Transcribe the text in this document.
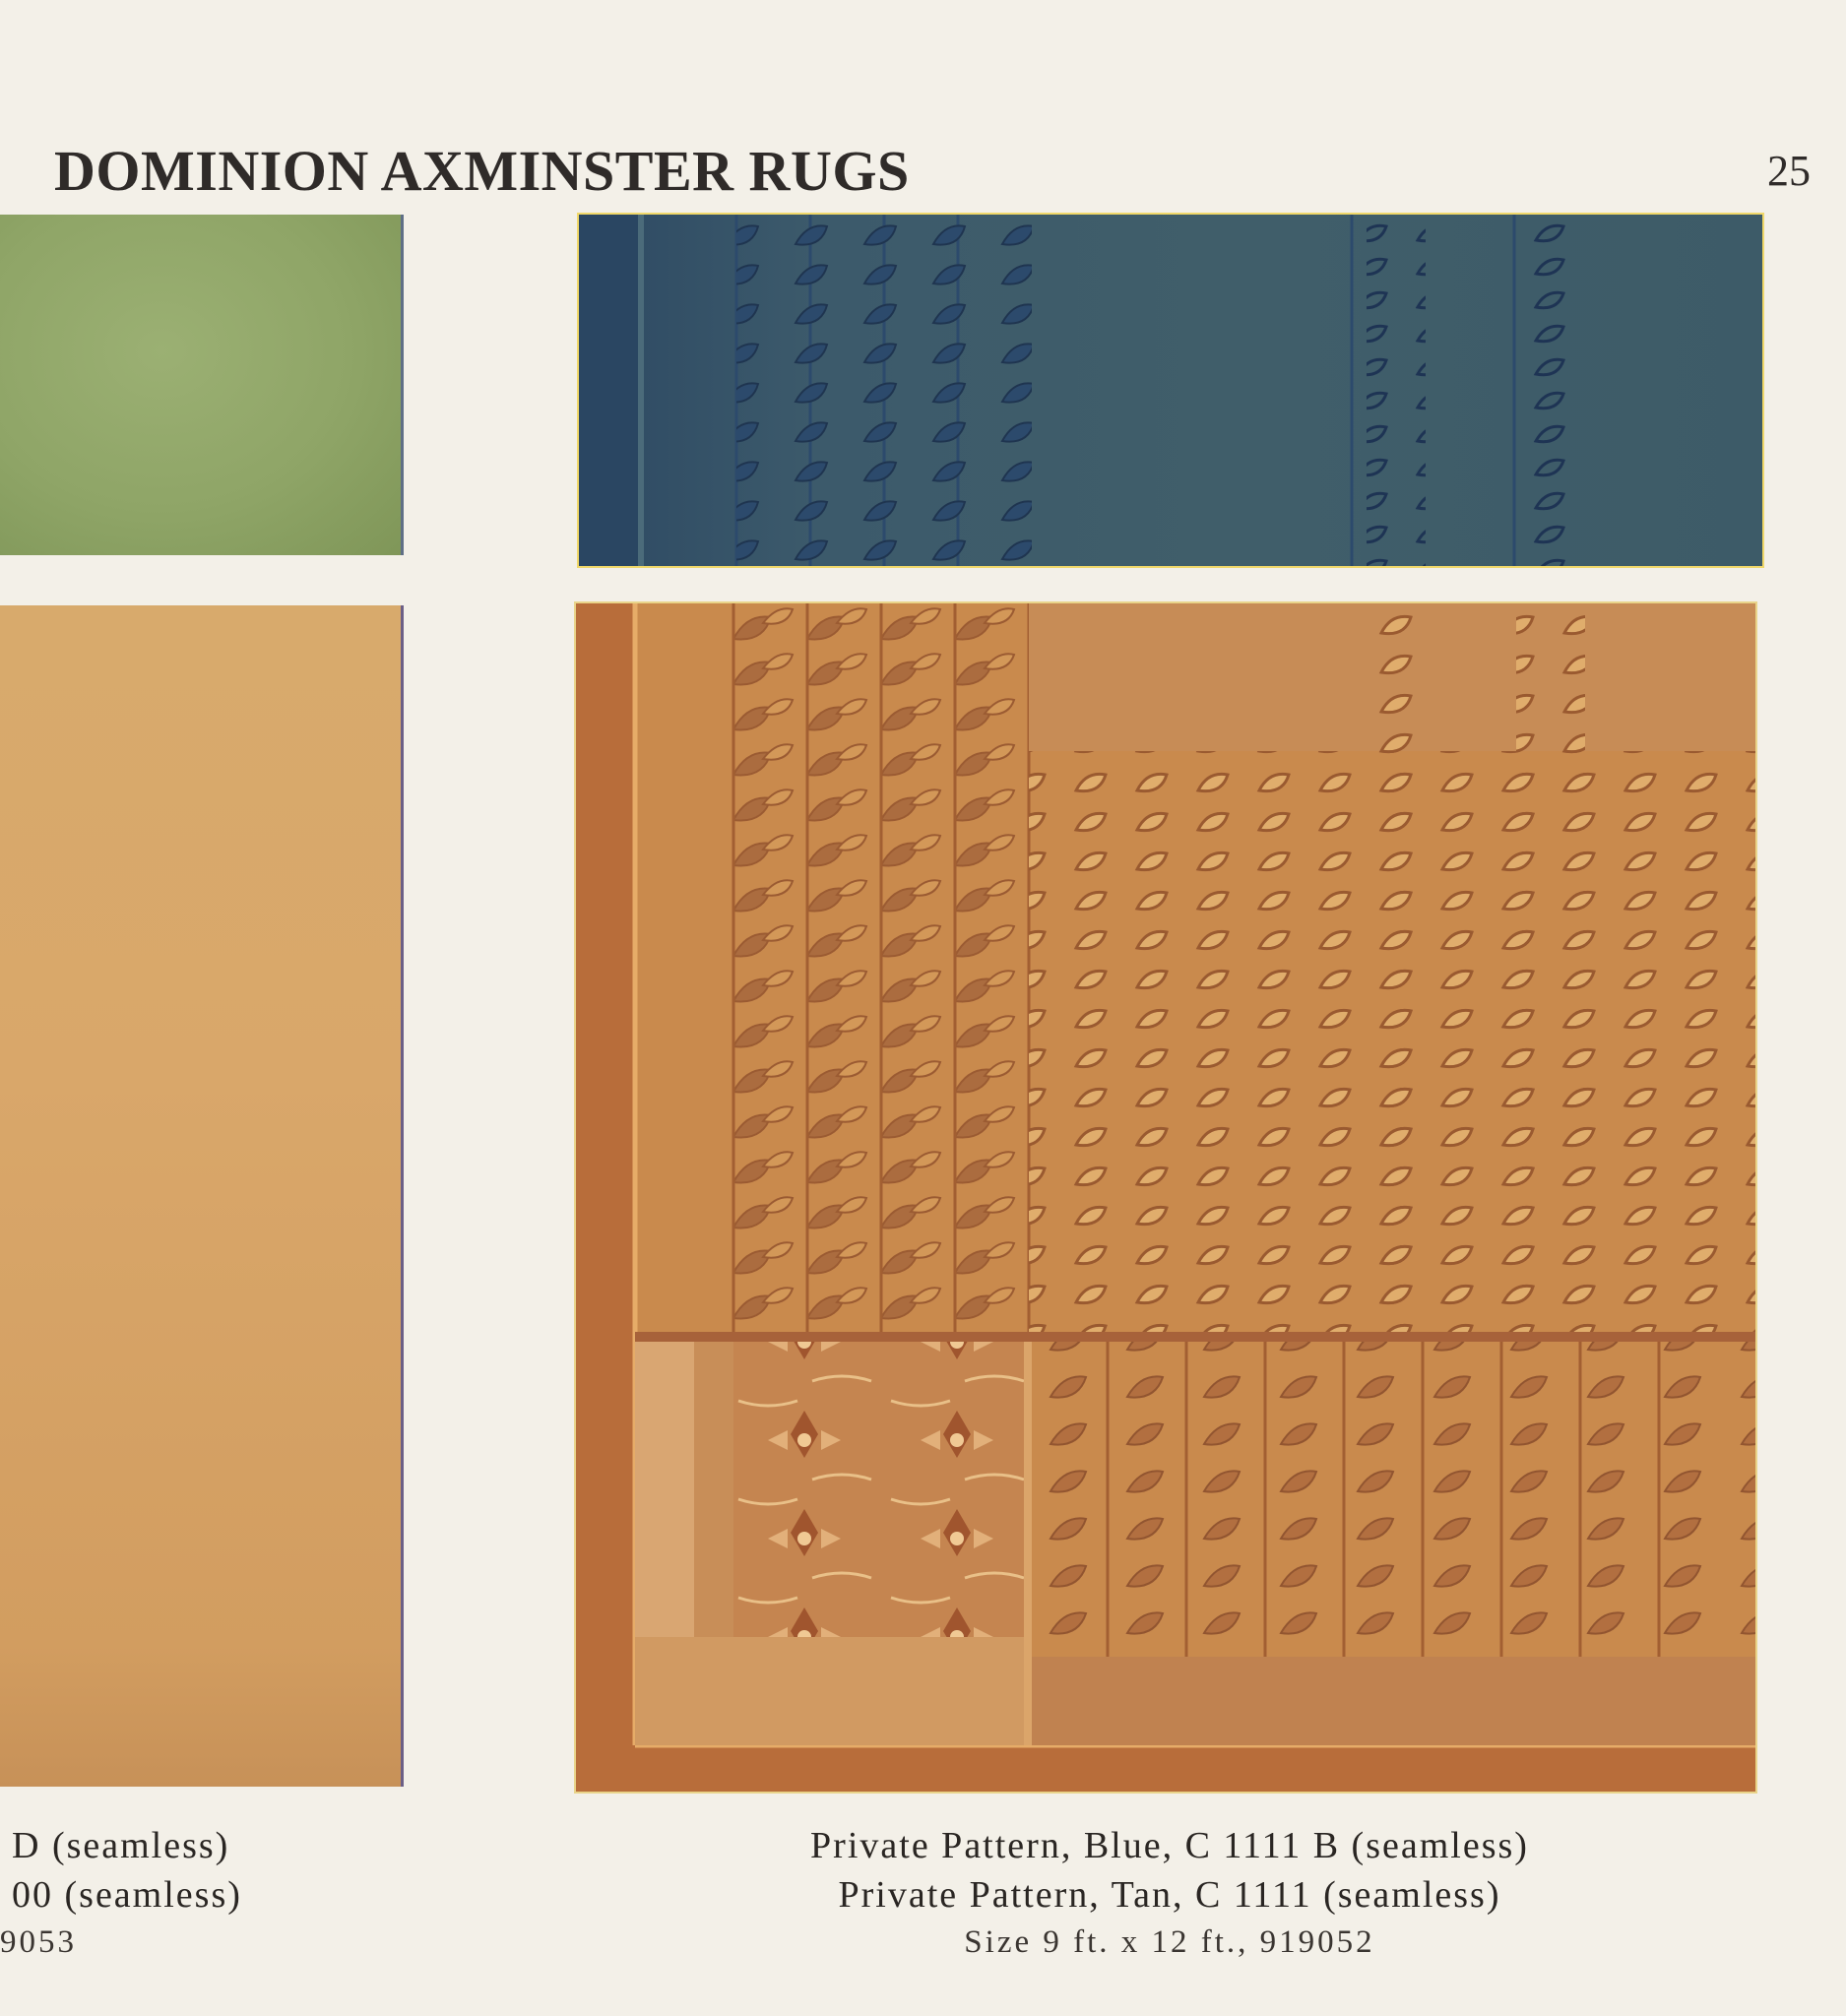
DOMINION AXMINSTER RUGS	25
D (seamless)
00 (seamless)
9053
Private Pattern, Blue, C 1111 B (seamless)
Private Pattern, Tan, C 1111 (seamless)
Size 9 ft. x 12 ft., 919052
